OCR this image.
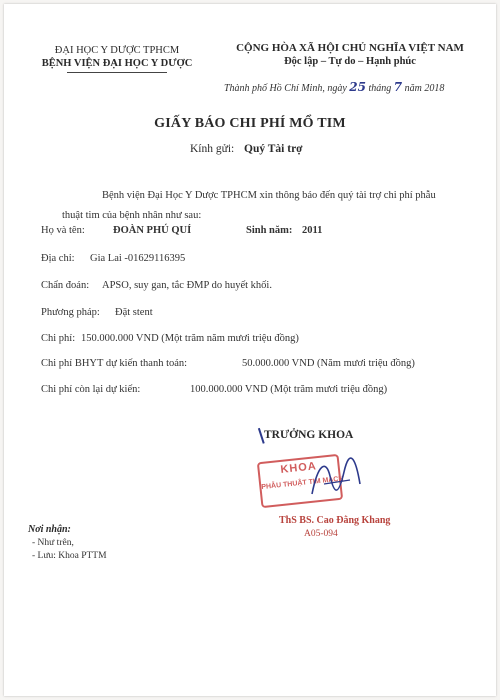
ĐẠI HỌC Y DƯỢC TPHCM
BỆNH VIỆN ĐẠI HỌC Y DƯỢC
CỘNG HÒA XÃ HỘI CHỦ NGHĨA VIỆT NAM
Độc lập – Tự do – Hạnh phúc
Thành phố Hồ Chí Minh, ngày 25 tháng 7 năm 2018
GIẤY BÁO CHI PHÍ MỔ TIM
Kính gửi: Quý Tài trợ
Bệnh viện Đại Học Y Dược TPHCM xin thông báo đến quý tài trợ chi phí phẫu
thuật tim của bệnh nhân như sau:
Họ và tên:	ĐOÀN PHÚ QUÍ	Sinh năm: 2011
Địa chỉ: Gia Lai -01629116395
Chẩn đoán: APSO, suy gan, tắc ĐMP do huyết khối.
Phương pháp: Đặt stent
Chi phí: 150.000.000 VND (Một trăm năm mươi triệu đồng)
Chi phí BHYT dự kiến thanh toán:	50.000.000 VND (Năm mươi triệu đồng)
Chi phí còn lại dự kiến:	100.000.000 VND (Một trăm mươi triệu đồng)
TRƯỞNG KHOA
KHOA
PHẪU THUẬT TIM MẠCH
ThS BS. Cao Đằng Khang
A05-094
Nơi nhận:
- Như trên,
- Lưu: Khoa PTTM
